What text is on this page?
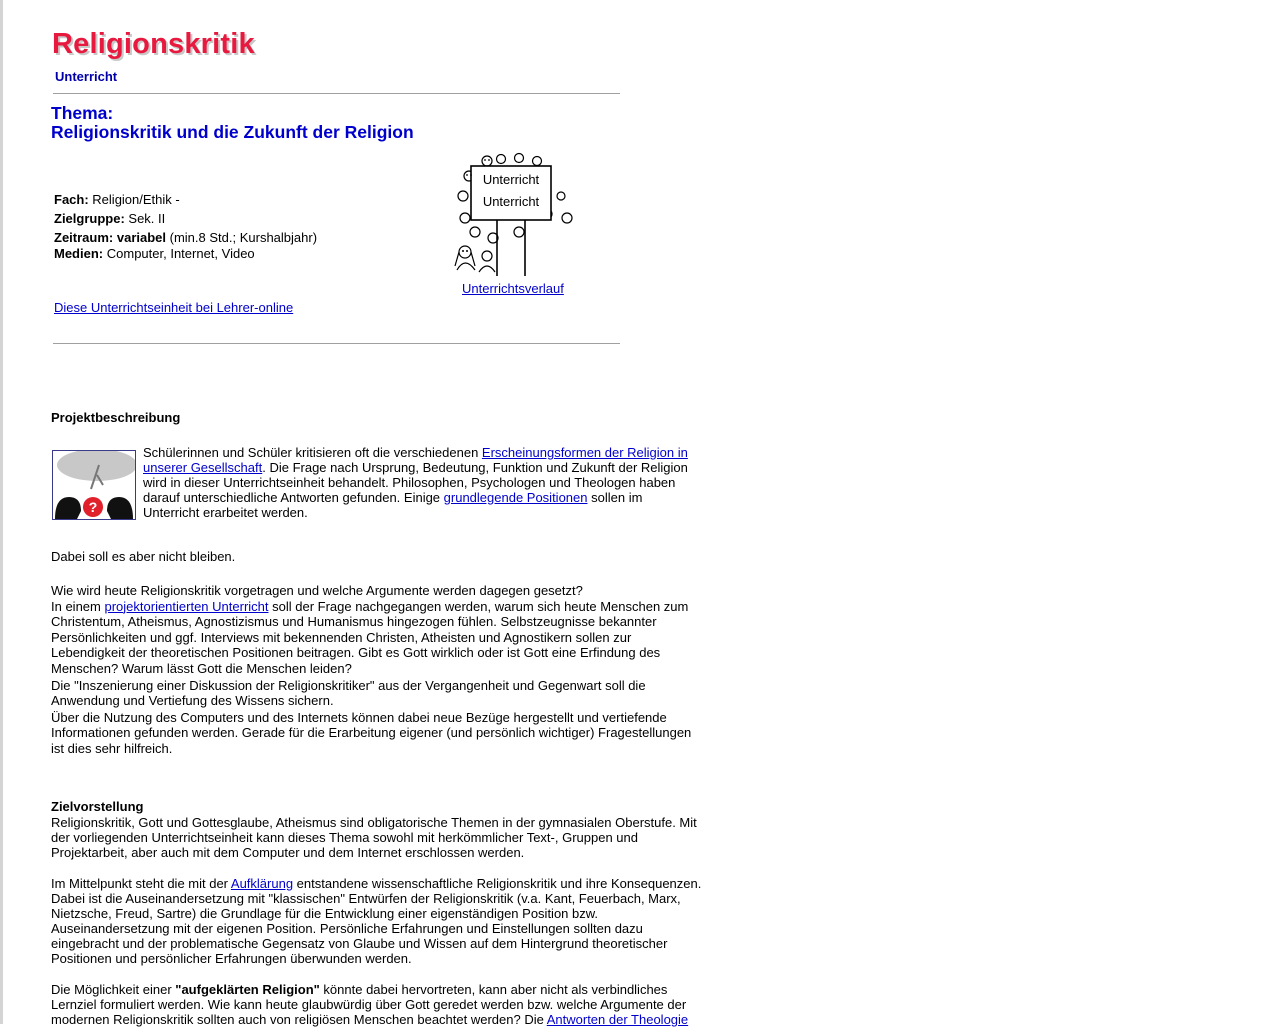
Religionskritik
Unterricht
Thema:
Religionskritik und die Zukunft der Religion
Fach: Religion/Ethik -
Zielgruppe: Sek. II
Zeitraum: variabel (min.8 Std.; Kurshalbjahr)
Medien: Computer, Internet, Video
Unterricht
Unterricht
Unterrichtsverlauf
Diese Unterrichtseinheit bei Lehrer-online
Projektbeschreibung
?
Schülerinnen und Schüler kritisieren oft die verschiedenen Erscheinungsformen der Religion in unserer Gesellschaft. Die Frage nach Ursprung, Bedeutung, Funktion und Zukunft der Religion wird in dieser Unterrichtseinheit behandelt. Philosophen, Psychologen und Theologen haben darauf unterschiedliche Antworten gefunden. Einige grundlegende Positionen sollen im Unterricht erarbeitet werden.
Dabei soll es aber nicht bleiben.
Wie wird heute Religionskritik vorgetragen und welche Argumente werden dagegen gesetzt?
In einem projektorientierten Unterricht soll der Frage nachgegangen werden, warum sich heute Menschen zum Christentum, Atheismus, Agnostizismus und Humanismus hingezogen fühlen. Selbstzeugnisse bekannter Persönlichkeiten und ggf. Interviews mit bekennenden Christen, Atheisten und Agnostikern sollen zur Lebendigkeit der theoretischen Positionen beitragen. Gibt es Gott wirklich oder ist Gott eine Erfindung des Menschen? Warum lässt Gott die Menschen leiden?
Die "Inszenierung einer Diskussion der Religionskritiker" aus der Vergangenheit und Gegenwart soll die Anwendung und Vertiefung des Wissens sichern.
Über die Nutzung des Computers und des Internets können dabei neue Bezüge hergestellt und vertiefende Informationen gefunden werden. Gerade für die Erarbeitung eigener (und persönlich wichtiger) Fragestellungen ist dies sehr hilfreich.
Zielvorstellung
Religionskritik, Gott und Gottesglaube, Atheismus sind obligatorische Themen in der gymnasialen Oberstufe. Mit der vorliegenden Unterrichtseinheit kann dieses Thema sowohl mit herkömmlicher Text-, Gruppen und Projektarbeit, aber auch mit dem Computer und dem Internet erschlossen werden.
Im Mittelpunkt steht die mit der Aufklärung entstandene wissenschaftliche Religionskritik und ihre Konsequenzen. Dabei ist die Auseinandersetzung mit "klassischen" Entwürfen der Religionskritik (v.a. Kant, Feuerbach, Marx, Nietzsche, Freud, Sartre) die Grundlage für die Entwicklung einer eigenständigen Position bzw. Auseinandersetzung mit der eigenen Position. Persönliche Erfahrungen und Einstellungen sollten dazu eingebracht und der problematische Gegensatz von Glaube und Wissen auf dem Hintergrund theoretischer Positionen und persönlicher Erfahrungen überwunden werden.
Die Möglichkeit einer "aufgeklärten Religion" könnte dabei hervortreten, kann aber nicht als verbindliches Lernziel formuliert werden. Wie kann heute glaubwürdig über Gott geredet werden bzw. welche Argumente der modernen Religionskritik sollten auch von religiösen Menschen beachtet werden? Die Antworten der Theologie
